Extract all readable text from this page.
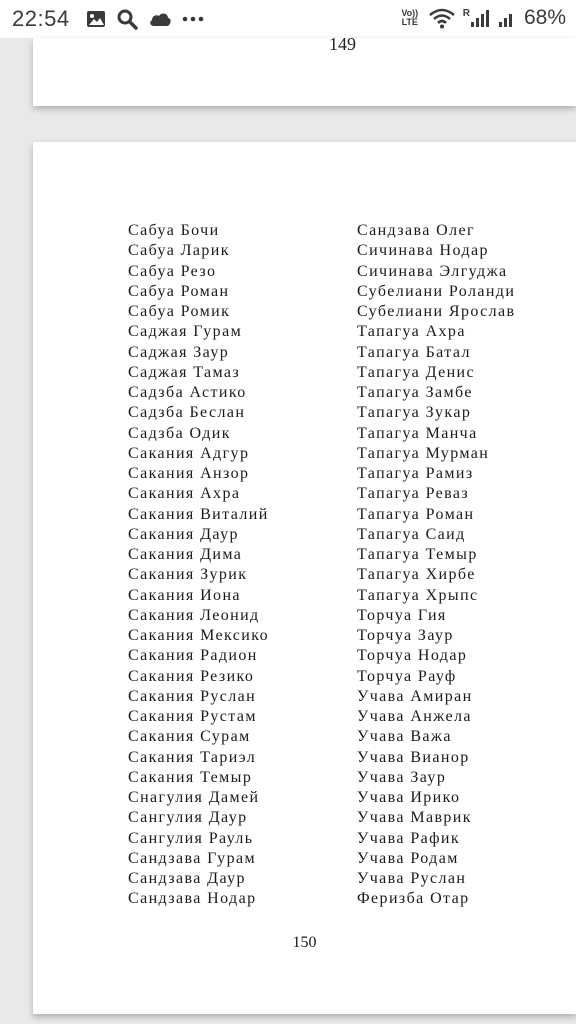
22:54	Vo)) LTE
R	68%
149
Сабуа Бочи
Сабуа Ларик
Сабуа Резо
Сабуа Роман
Сабуа Ромик
Саджая Гурам
Саджая Заур
Саджая Тамаз
Садзба Астико
Садзба Беслан
Садзба Одик
Сакания Адгур
Сакания Анзор
Сакания Ахра
Сакания Виталий
Сакания Даур
Сакания Дима
Сакания Зурик
Сакания Иона
Сакания Леонид
Сакания Мексико
Сакания Радион
Сакания Резико
Сакания Руслан
Сакания Рустам
Сакания Сурам
Сакания Тариэл
Сакания Темыр
Снагулия Дамей
Сангулия Даур
Сангулия Рауль
Сандзава Гурам
Сандзава Даур
Сандзава Нодар
Сандзава Олег
Сичинава Нодар
Сичинава Элгуджа
Субелиани Роланди
Субелиани Ярослав
Тапагуа Ахра
Тапагуа Батал
Тапагуа Денис
Тапагуа Замбе
Тапагуа Зукар
Тапагуа Манча
Тапагуа Мурман
Тапагуа Рамиз
Тапагуа Реваз
Тапагуа Роман
Тапагуа Саид
Тапагуа Темыр
Тапагуа Хирбе
Тапагуа Хрыпс
Торчуа Гия
Торчуа Заур
Торчуа Нодар
Торчуа Рауф
Учава Амиран
Учава Анжела
Учава Важа
Учава Вианор
Учава Заур
Учава Ирико
Учава Маврик
Учава Рафик
Учава Родам
Учава Руслан
Феризба Отар
150
